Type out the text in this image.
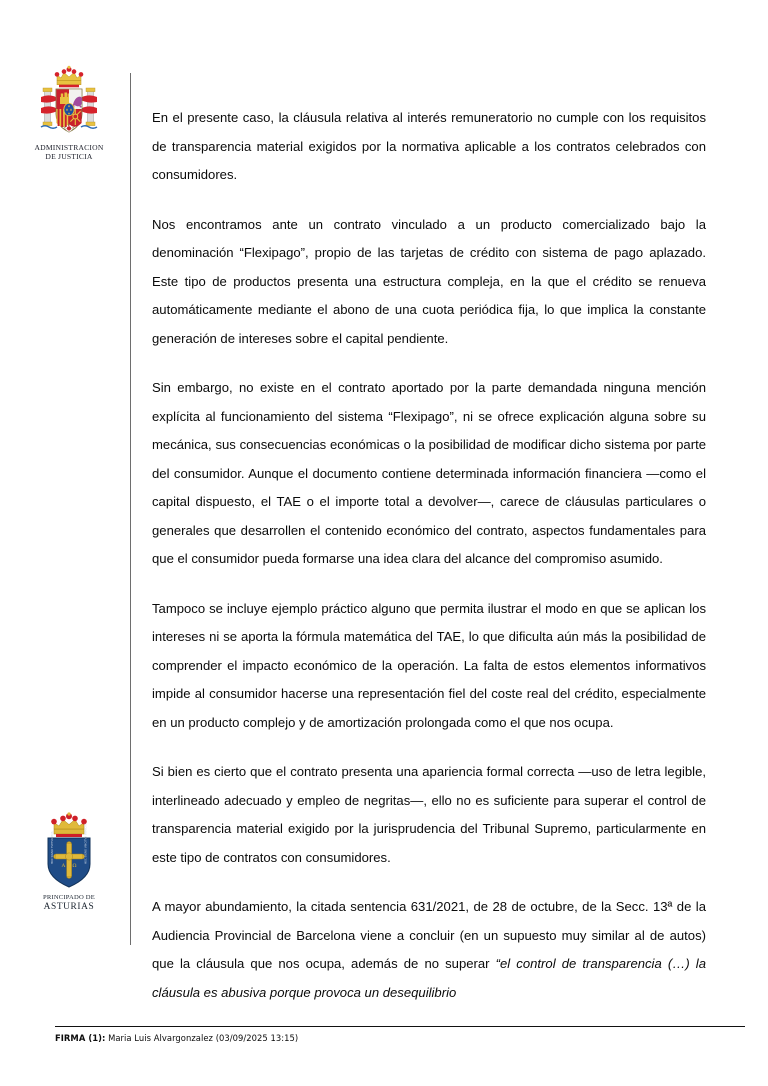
ADMINISTRACION
DE JUSTICIA
Α Ω
HOC SIGNO TVETVR PIVS	HOC SIGNO VINCITVR INIMICVS
PRINCIPADO DE
ASTURIAS

En el presente caso, la cláusula relativa al interés remuneratorio no cumple con los requisitos de transparencia material exigidos por la normativa aplicable a los contratos celebrados con consumidores.

Nos encontramos ante un contrato vinculado a un producto comercializado bajo la denominación “Flexipago”, propio de las tarjetas de crédito con sistema de pago aplazado. Este tipo de productos presenta una estructura compleja, en la que el crédito se renueva automáticamente mediante el abono de una cuota periódica fija, lo que implica la constante generación de intereses sobre el capital pendiente.

Sin embargo, no existe en el contrato aportado por la parte demandada ninguna mención explícita al funcionamiento del sistema “Flexipago”, ni se ofrece explicación alguna sobre su mecánica, sus consecuencias económicas o la posibilidad de modificar dicho sistema por parte del consumidor. Aunque el documento contiene determinada información financiera —como el capital dispuesto, el TAE o el importe total a devolver—, carece de cláusulas particulares o generales que desarrollen el contenido económico del contrato, aspectos fundamentales para que el consumidor pueda formarse una idea clara del alcance del compromiso asumido.

Tampoco se incluye ejemplo práctico alguno que permita ilustrar el modo en que se aplican los intereses ni se aporta la fórmula matemática del TAE, lo que dificulta aún más la posibilidad de comprender el impacto económico de la operación. La falta de estos elementos informativos impide al consumidor hacerse una representación fiel del coste real del crédito, especialmente en un producto complejo y de amortización prolongada como el que nos ocupa.

Si bien es cierto que el contrato presenta una apariencia formal correcta —uso de letra legible, interlineado adecuado y empleo de negritas—, ello no es suficiente para superar el control de transparencia material exigido por la jurisprudencia del Tribunal Supremo, particularmente en este tipo de contratos con consumidores.

A mayor abundamiento, la citada sentencia 631/2021, de 28 de octubre, de la Secc. 13ª de la Audiencia Provincial de Barcelona viene a concluir (en un supuesto muy similar al de autos) que la cláusula que nos ocupa, además de no superar “el control de transparencia (…) la cláusula es abusiva porque provoca un desequilibrio

FIRMA (1): Maria Luis Alvargonzalez (03/09/2025 13:15)
